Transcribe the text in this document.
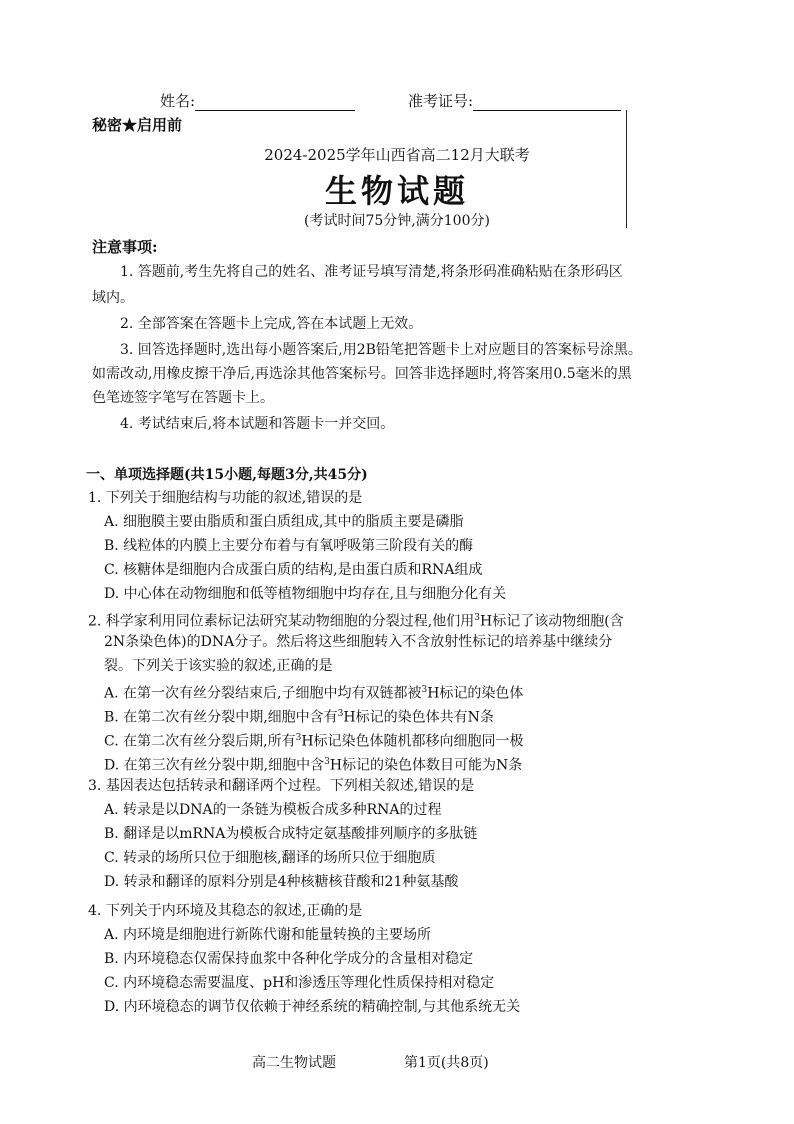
姓名:	准考证号:
秘密★启用前
2024-2025学年山西省高二12月大联考
生物试题
(考试时间75分钟,满分100分)
注意事项:
1. 答题前,考生先将自己的姓名、准考证号填写清楚,将条形码准确粘贴在条形码区
域内。
2. 全部答案在答题卡上完成,答在本试题上无效。
3. 回答选择题时,选出每小题答案后,用2B铅笔把答题卡上对应题目的答案标号涂黑。
如需改动,用橡皮擦干净后,再选涂其他答案标号。回答非选择题时,将答案用0.5毫米的黑
色笔迹签字笔写在答题卡上。
4. 考试结束后,将本试题和答题卡一并交回。
一、单项选择题(共15小题,每题3分,共45分)
1. 下列关于细胞结构与功能的叙述,错误的是
A. 细胞膜主要由脂质和蛋白质组成,其中的脂质主要是磷脂
B. 线粒体的内膜上主要分布着与有氧呼吸第三阶段有关的酶
C. 核糖体是细胞内合成蛋白质的结构,是由蛋白质和RNA组成
D. 中心体在动物细胞和低等植物细胞中均存在,且与细胞分化有关
2. 科学家利用同位素标记法研究某动物细胞的分裂过程,他们用$^3$H标记了该动物细胞(含
2N条染色体)的DNA分子。然后将这些细胞转入不含放射性标记的培养基中继续分
裂。下列关于该实验的叙述,正确的是
A. 在第一次有丝分裂结束后,子细胞中均有双链都被$^3$H标记的染色体
B. 在第二次有丝分裂中期,细胞中含有$^3$H标记的染色体共有N条
C. 在第二次有丝分裂后期,所有$^3$H标记染色体随机都移向细胞同一极
D. 在第三次有丝分裂中期,细胞中含$^3$H标记的染色体数目可能为N条
3. 基因表达包括转录和翻译两个过程。下列相关叙述,错误的是
A. 转录是以DNA的一条链为模板合成多种RNA的过程
B. 翻译是以mRNA为模板合成特定氨基酸排列顺序的多肽链
C. 转录的场所只位于细胞核,翻译的场所只位于细胞质
D. 转录和翻译的原料分别是4种核糖核苷酸和21种氨基酸
4. 下列关于内环境及其稳态的叙述,正确的是
A. 内环境是细胞进行新陈代谢和能量转换的主要场所
B. 内环境稳态仅需保持血浆中各种化学成分的含量相对稳定
C. 内环境稳态需要温度、pH和渗透压等理化性质保持相对稳定
D. 内环境稳态的调节仅依赖于神经系统的精确控制,与其他系统无关
高二生物试题	第1页(共8页)
